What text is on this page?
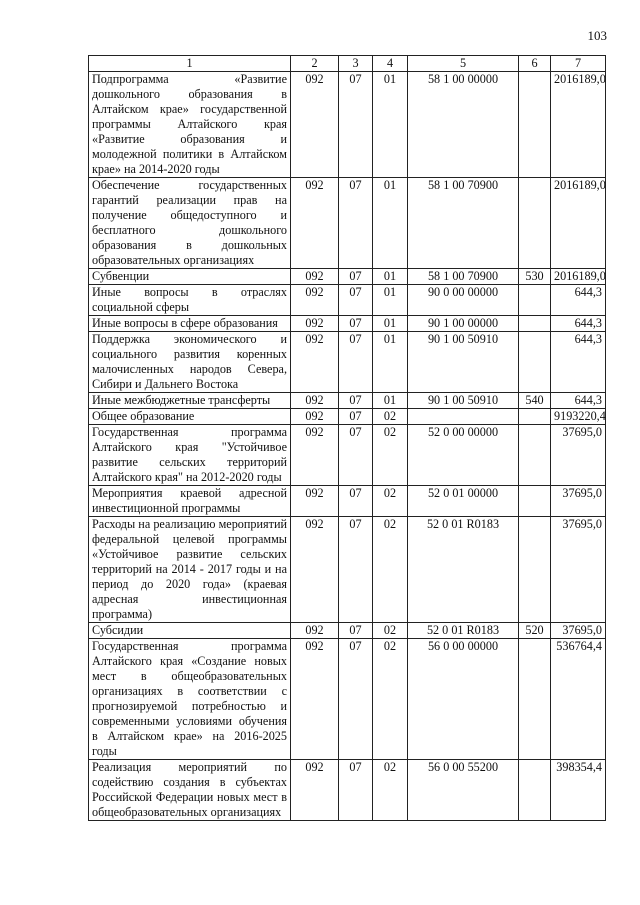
103
1	2	3	4	5	6	7
Подпрограмма «Развитие дошкольного образования в Алтайском крае» государственной программы Алтайского края «Развитие образования и молодежной политики в Алтайском крае» на 2014-2020 годы	092	07	01	58 1 00 00000		2016189,0
Обеспечение государственных гарантий реализации прав на получение общедоступного и бесплатного дошкольного образования в дошкольных образовательных организациях	092	07	01	58 1 00 70900		2016189,0
Субвенции	092	07	01	58 1 00 70900	530	2016189,0
Иные вопросы в отраслях социальной сферы	092	07	01	90 0 00 00000		644,3
Иные вопросы в сфере образования	092	07	01	90 1 00 00000		644,3
Поддержка экономического и социального развития коренных малочисленных народов Севера, Сибири и Дальнего Востока	092	07	01	90 1 00 50910		644,3
Иные межбюджетные трансферты	092	07	01	90 1 00 50910	540	644,3
Общее образование	092	07	02			9193220,4
Государственная программа Алтайского края "Устойчивое развитие сельских территорий Алтайского края" на 2012-2020 годы	092	07	02	52 0 00 00000		37695,0
Мероприятия краевой адресной инвестиционной программы	092	07	02	52 0 01 00000		37695,0
Расходы на реализацию мероприятий федеральной целевой программы «Устойчивое развитие сельских территорий на 2014 - 2017 годы и на период до 2020 года» (краевая адресная инвестиционная программа)	092	07	02	52 0 01 R0183		37695,0
Субсидии	092	07	02	52 0 01 R0183	520	37695,0
Государственная программа Алтайского края «Создание новых мест в общеобразовательных организациях в соответствии с прогнозируемой потребностью и современными условиями обучения в Алтайском крае» на 2016-2025 годы	092	07	02	56 0 00 00000		536764,4
Реализация мероприятий по содействию создания в субъектах Российской Федерации новых мест в общеобразовательных организациях	092	07	02	56 0 00 55200		398354,4
